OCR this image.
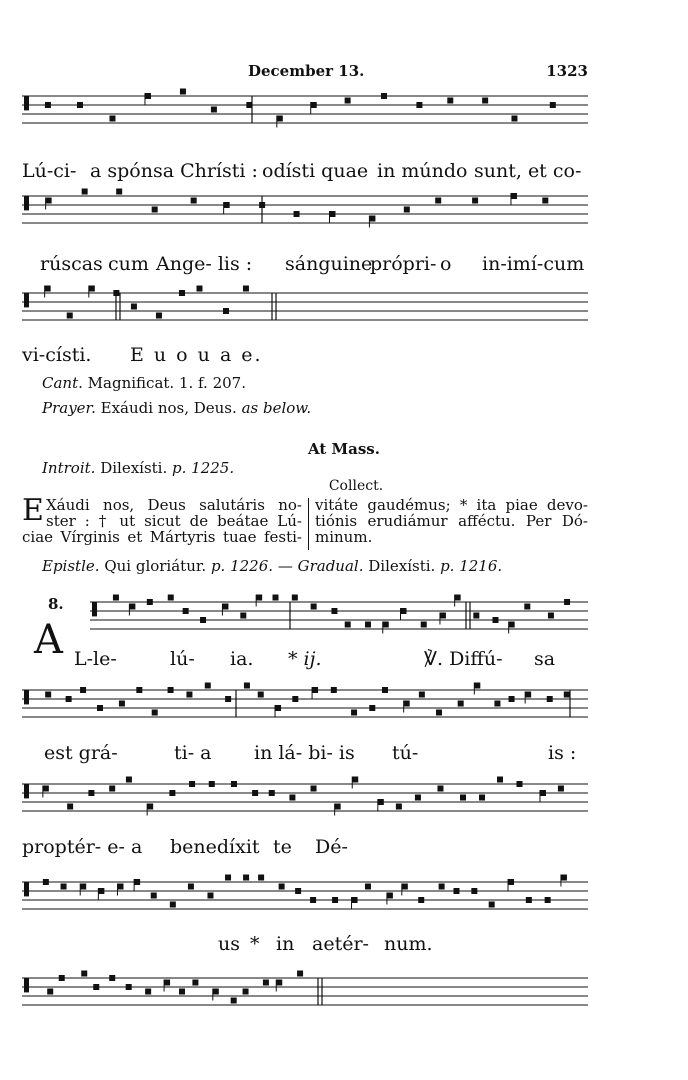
December 13.	1323
Lú-ci- a spónsa Chrísti : odísti quae in múndo sunt, et co-
rúscas cum Ange- lis : sánguine
própri- o in-imí-cum
vi-císti. E u o u a e.
Cant. Magnificat. 1. f. 207.
Prayer. Exáudi nos, Deus. as below.
At Mass.
Introit. Dilexísti. p. 1225.
Collect.
E Xáudi nos, Deus salutáris no-
ster : † ut sicut de beátae Lú-
ciae Vírginis et Mártyris tuae festi-
vitáte gaudémus; * ita piae devo-
tiónis erudiámur afféctu. Per Dó-
minum.
Epistle. Qui gloriátur. p. 1226. — Gradual. Dilexísti. p. 1216.
8.
A L-le-	lú- ia. * ij.	℣. Diffú- sa
est grá-	ti- a in lá- bi- is tú-	is :
proptér- e- a benedíxit te Dé-
us * in aetér- num.
